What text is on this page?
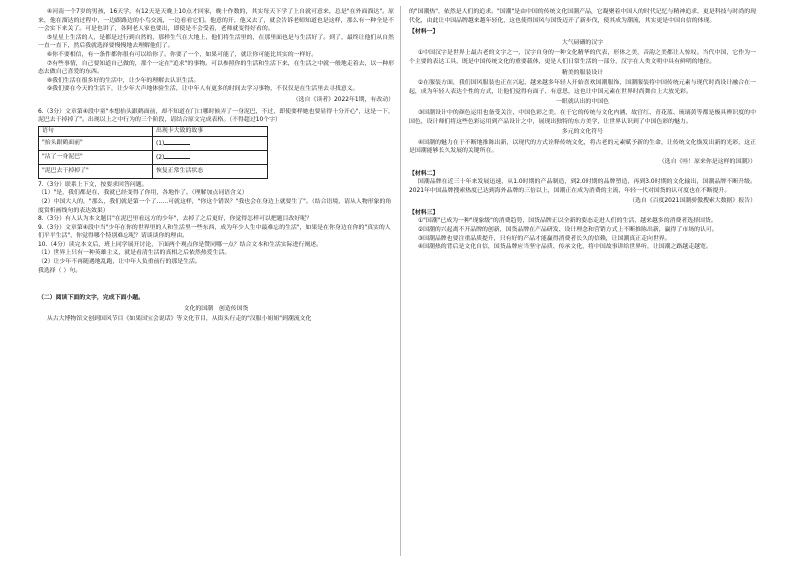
④河南一个7岁的男孩，16天学，有12天是天晚上10点才回家，晚十作数的，其实每天下学了上自就可意来，总是"在外面溜达"。原来，他在溜达的过程中，一边跟路边的小鸟交流，一边看看它们。他意的开，他又去了，就会告诉老师知道也是这样，那么有一种全是不一会实下来关了。可是也讲了，各阿老人家也要出，即使是不会受着，老师就变得好看的。

⑤星星上生活的人，是都是过行到自然的，那样生气在大地上，他们将生活里的，在那里面也是与生活好了。到了，最终让他们从自然一直一直下，然后我就选择要慢慢地去理解他们了。

⑥你不要相信，有一条件都你很有可以给你了。你要了一个，如果可能了，就让你可能比其实的一样好。

⑦有些事情，自己要知道自己做的，那个一定在"追求"的事物。可以参照你的生活和生活下来，在生活之中就一般地走着去，以一种形态去做自己喜爱的东西。

⑧我们生活在很多好的生活中，让少年的理解去认识生活。

⑨我们要在今天的生活下，让少年大声地体验生活，让中年人有更多的时间去学习事物，不仅仅是在生活里去寻找意义。

（选自《读者》2022年1期，有改动）

6.（3分）文章第④段中童"本想抬头跟鹤面前，却不知道在门口哪时候弄了一身泥巴，不过，即使要样她也要显得十分开心"，这是一下，泥巴去干掉掉了"。出现以上之中行为的三个阶段，请结合原文完成表格。（不得超过10个字）

语句	出现卡大致的故事
"抬头跟鹤面前"	(1)
"沾了一身泥巴"	(2)
"泥巴去干掉掉了"	恢复正常生活状态

7.（3分）联系上下文，按要求回答问题。

（1）"是，我们都是在，我就已经变得了你用，各地作了。（理解加点词语含义）

（2）中国大人的，"那么，我们就是第一个了……可就这样，"你这个错误？"我也会在身边上就要生了"。（结合语境，请从人物形象的角度赏析画线句的表达效果）

8.（3分）有人认为本文题目"在泥巴里看远方的少年"，去掉了之后更好，你觉得怎样可以把题目改好呢？

9.（3分）文章第④段中当"少年在你的世界里的人和生活里一些东西，成为年少人生中最难忘的生活"，如果是在你身边在你的"真实的人们平平生活"，你觉得哪个特别难忘呢？请谈谈你的理由。

10.（4分）读完本文后，班上同学展开讨论，下面两个观点你是赞同哪一点？结合文本和生活实际进行阐述。

（1）世界上只有一种英雄主义，就是看清生活的真相之后依然热爱生活。

（2）让少年不再随遇地乱跑，让中年人负重前行的那是生活。

我选择（ ）句。

（二）阅读下面的文字，完成下面小题。

文化的国潮　创造传国货

从古大博物馆文创到国风节目《如果国宝会说话》等文化节目，从街头行走的"汉服小姐姐"到潮流文化

的"国潮热"，依然是人们的追求。"国潮"是由中国的传统文化国潮产品，它凝聚着中国人的时代记忆与精神追求，更是科技与时尚的现代化，由此让中国品牌越来越年轻化，这也使得国风与国货迈开了新步伐，使其成为潮流，其实更是中国自信的体现。

【材料一】

大气磅礴的汉字

①中国汉字是世界上最古老的文字之一，汉字自身的一种文化精华的代表，形体之美，音韵之美都让人惊叹。当代中国，它作为一个主要的表达工具，既是中国传统文化的重要载体，更是人们日常生活的一部分，汉字在人类文明中具有鲜明的地位。

精美的服装设计

②在服装方面，我们国风服装也正在兴起，越来越多年轻人开始喜欢国潮服饰，国潮服装将中国传统元素与现代时尚设计融合在一起，成为年轻人表达个性的方式，让他们觉得有面子、有意思，这也让中国元素在世界时尚舞台上大放光彩。

一眼就认出的中国色

③国潮设计中的颜色运用也备受关注，中国色彩之美，在于它的传统与文化内涵，故宫红、青花蓝、琉璃黄等都是极具辨识度的中国色，设计师们将这些色彩运用到产品设计之中，展现出独特的东方美学，让世界认识到了中国色彩的魅力。

多元的文化符号

④国潮的魅力在于不断地推陈出新，以现代的方式诠释传统文化，将古老的元素赋予新的生命，让传统文化焕发出新的光彩，这正是国潮能够长久发展的关键所在。

（选自《哇！原来你是这样的国潮》）

【材料二】

国潮品牌在近三十年来发展迅速，从1.0时期的产品制造，到2.0时期的品牌塑造，再到3.0时期的文化输出，国潮品牌不断升级。2021年中国品牌搜索热度已达到海外品牌的三倍以上，国潮正在成为消费的主流，年轻一代对国货的认可度也在不断提升。

（选自《百度2021国潮骄傲搜索大数据》报告）

【材料三】

①"国潮"已成为一种"现象级"的消费趋势，国货品牌正以全新的姿态走进人们的生活，越来越多的消费者选择国货。

②国潮的兴起离不开品牌的创新，国货品牌在产品研发、设计理念和营销方式上不断推陈出新，赢得了市场的认可。

③国潮品牌也要注重品质提升，只有好的产品才能赢得消费者长久的信赖，让国潮真正走向世界。

④国潮热的背后是文化自信，国货品牌应当坚守品质、传承文化，将中国故事讲给世界听，让国潮之路越走越宽。
